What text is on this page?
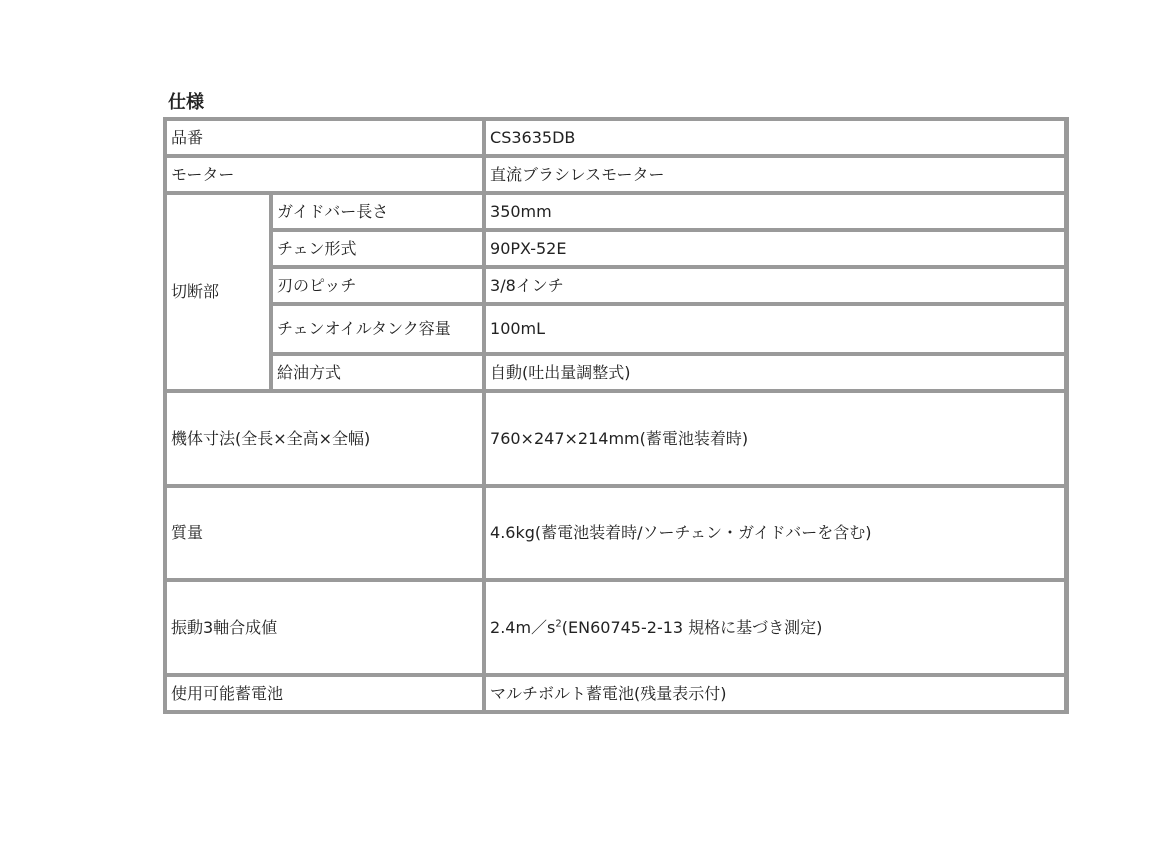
仕様
品番		CS3635DB
モーター		直流ブラシレスモーター
切断部	ガイドバー長さ	350mm
	チェン形式	90PX-52E
	刃のピッチ	3/8インチ
	チェンオイルタンク容量	100mL
	給油方式	自動(吐出量調整式)
機体寸法(全長×全高×全幅)		760×247×214mm(蓄電池装着時)
質量		4.6kg(蓄電池装着時/ソーチェン・ガイドバーを含む)
振動3軸合成値		$2.4m/s^2(EN60745-2-13$ 規格に基づき測定)
使用可能蓄電池		マルチボルト蓄電池(残量表示付)
